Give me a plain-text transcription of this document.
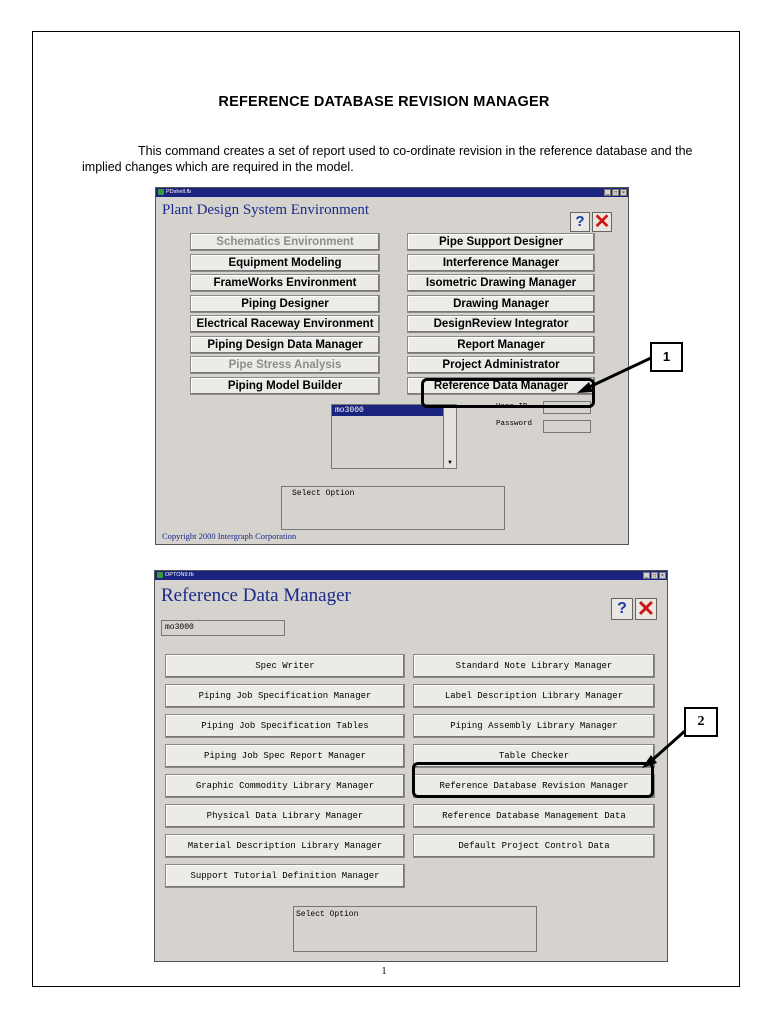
REFERENCE DATABASE REVISION MANAGER
This command creates a set of report used to co-ordinate revision in the reference database and the implied changes which are required in the model.
PDshell.fb	_	□	×
Plant Design System Environment
? ✕
mo3000
▼
User ID
Password
Select Option
Copyright 2000 Intergraph Corporation
Schematics Environment
Equipment Modeling
FrameWorks Environment
Piping Designer
Electrical Raceway Environment
Piping Design Data Manager
Pipe Stress Analysis
Piping Model Builder
Pipe Support Designer
Interference Manager
Isometric Drawing Manager
Drawing Manager
DesignReview Integrator
Report Manager
Project Administrator
Reference Data Manager
1
OPTON9.fb	_	□	×
Reference Data Manager
? ✕
mo3000
Select Option
Spec Writer
Piping Job Specification Manager
Piping Job Specification Tables
Piping Job Spec Report Manager
Graphic Commodity Library Manager
Physical Data Library Manager
Material Description Library Manager
Support Tutorial Definition Manager
Standard Note Library Manager
Label Description Library Manager
Piping Assembly Library Manager
Table Checker
Reference Database Revision Manager
Reference Database Management Data
Default Project Control Data
2
1
